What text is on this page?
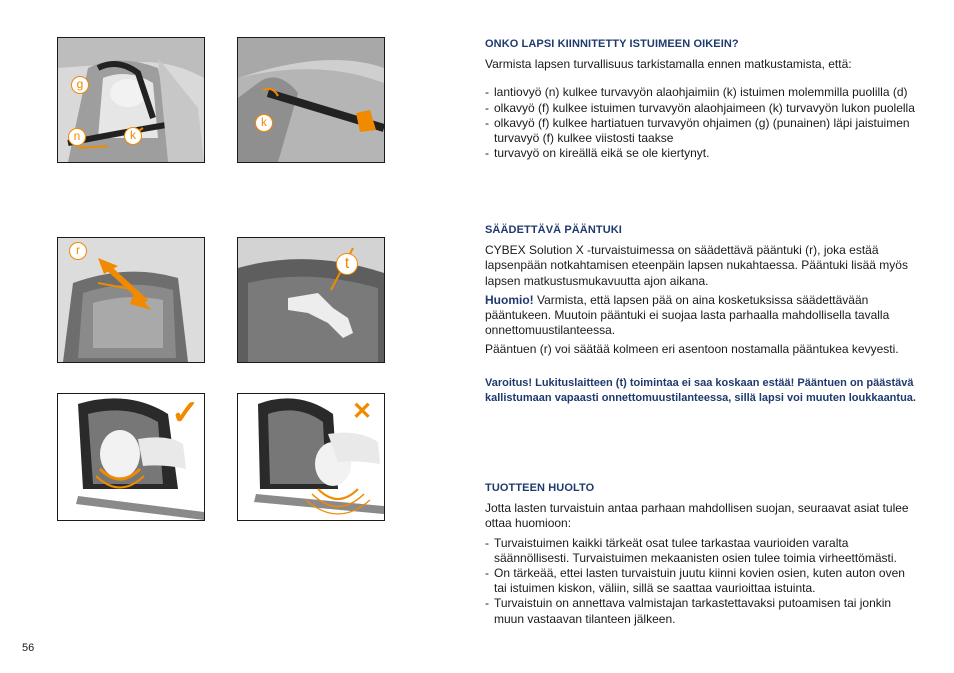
g
n	k
k
r
t
✓	✕
ONKO LAPSI KIINNITETTY ISTUIMEEN OIKEIN?

Varmista lapsen turvallisuus tarkistamalla ennen matkustamista, että:

- lantiovyö (n) kulkee turvavyön alaohjaimiin (k) istuimen molemmilla puolilla (d)
- olkavyö (f) kulkee istuimen turvavyön alaohjaimeen (k) turvavyön lukon puolella
- olkavyö (f) kulkee hartiatuen turvavyön ohjaimen (g) (punainen) läpi jaistuimen turvavyö (f) kulkee viistosti taakse
- turvavyö on kireällä eikä se ole kiertynyt.
SÄÄDETTÄVÄ PÄÄNTUKI

CYBEX Solution X -turvaistuimessa on säädettävä pääntuki (r), joka estää lapsenpään notkahtamisen eteenpäin lapsen nukahtaessa. Pääntuki lisää myös lapsen matkustusmukavuutta ajon aikana.

Huomio! Varmista, että lapsen pää on aina kosketuksissa säädettävään pääntukeen. Muutoin pääntuki ei suojaa lasta parhaalla mahdollisella tavalla onnettomuustilanteessa.

Pääntuen (r) voi säätää kolmeen eri asentoon nostamalla pääntukea kevyesti.

Varoitus! Lukituslaitteen (t) toimintaa ei saa koskaan estää! Pääntuen on päästävä kallistumaan vapaasti onnettomuustilanteessa, sillä lapsi voi muuten loukkaantua.

TUOTTEEN HUOLTO

Jotta lasten turvaistuin antaa parhaan mahdollisen suojan, seuraavat asiat tulee ottaa huomioon:

- Turvaistuimen kaikki tärkeät osat tulee tarkastaa vaurioiden varalta säännöllisesti. Turvaistuimen mekaanisten osien tulee toimia virheettömästi.
- On tärkeää, ettei lasten turvaistuin juutu kiinni kovien osien, kuten auton oven tai istuimen kiskon, väliin, sillä se saattaa vaurioittaa istuinta.
- Turvaistuin on annettava valmistajan tarkastettavaksi putoamisen tai jonkin muun vastaavan tilanteen jälkeen.
56
